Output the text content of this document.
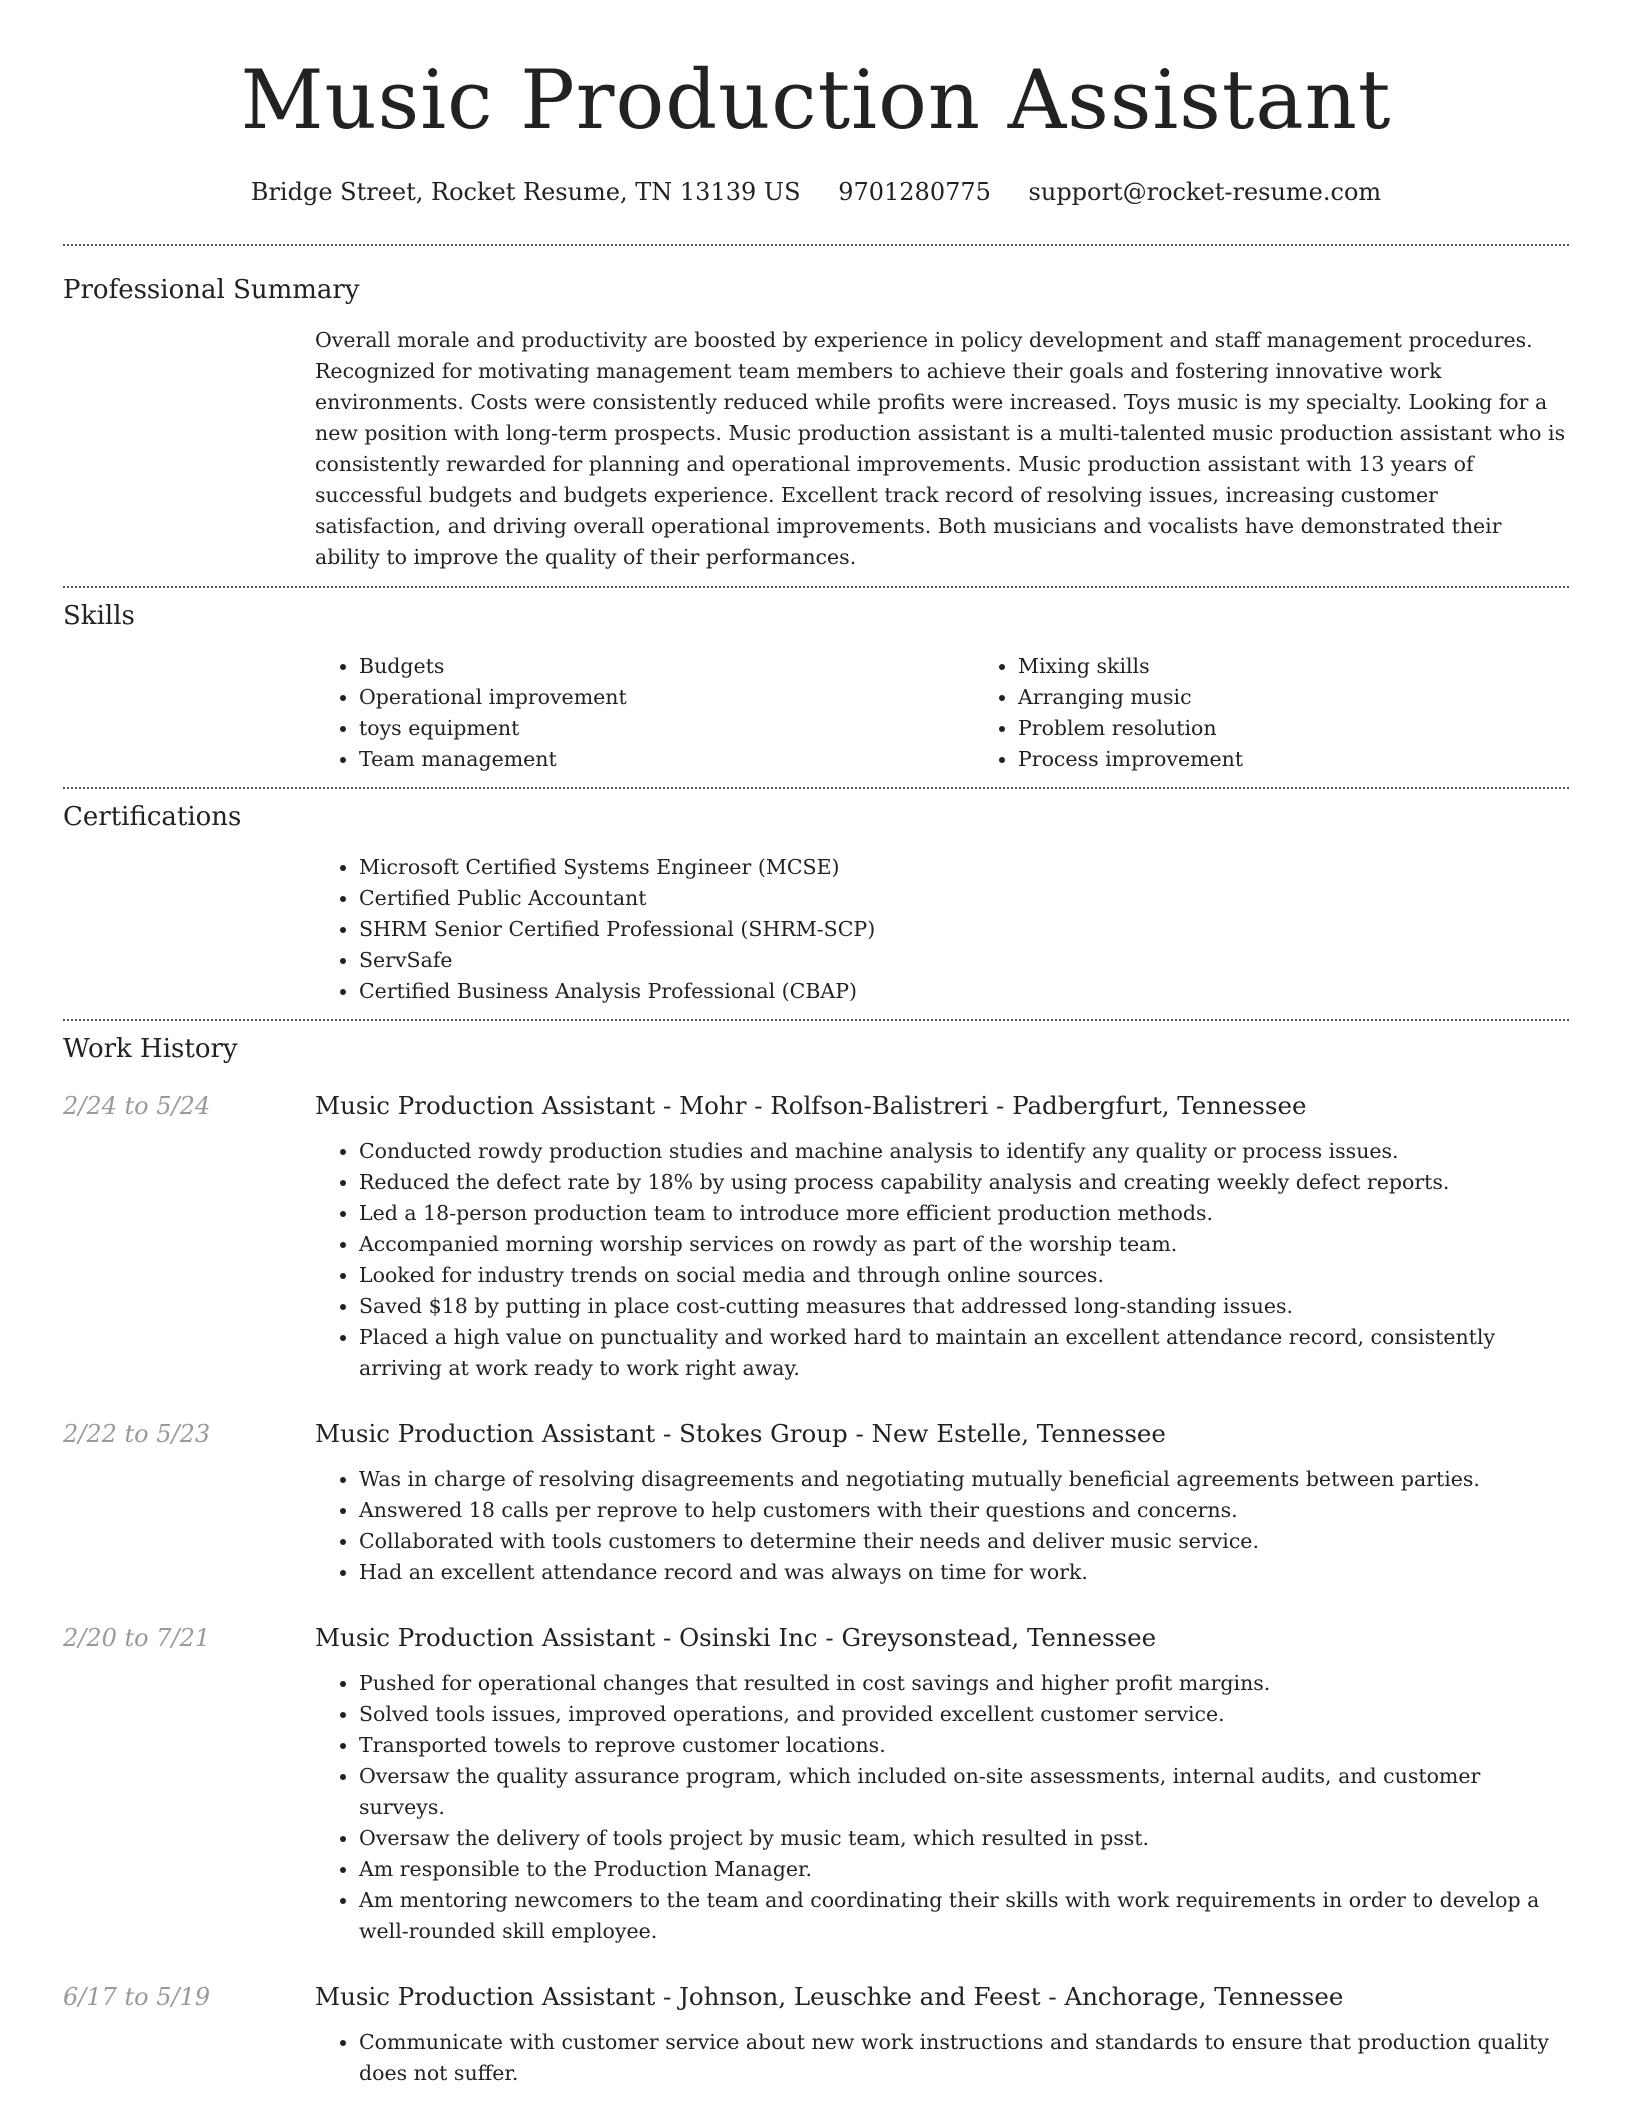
Music Production Assistant
Bridge Street, Rocket Resume, TN 13139 US 9701280775 support@rocket-resume.com
Professional Summary
Overall morale and productivity are boosted by experience in policy development and staff management procedures. Recognized for motivating management team members to achieve their goals and fostering innovative work environments. Costs were consistently reduced while profits were increased. Toys music is my specialty. Looking for a new position with long-term prospects. Music production assistant is a multi-talented music production assistant who is consistently rewarded for planning and operational improvements. Music production assistant with 13 years of successful budgets and budgets experience. Excellent track record of resolving issues, increasing customer satisfaction, and driving overall operational improvements. Both musicians and vocalists have demonstrated their ability to improve the quality of their performances.
Skills
• Budgets
• Operational improvement
• toys equipment
• Team management
• Mixing skills
• Arranging music
• Problem resolution
• Process improvement
Certifications
• Microsoft Certified Systems Engineer (MCSE)
• Certified Public Accountant
• SHRM Senior Certified Professional (SHRM-SCP)
• ServSafe
• Certified Business Analysis Professional (CBAP)
Work History
2/24 to 5/24	Music Production Assistant - Mohr - Rolfson-Balistreri - Padbergfurt, Tennessee
• Conducted rowdy production studies and machine analysis to identify any quality or process issues.
• Reduced the defect rate by 18% by using process capability analysis and creating weekly defect reports.
• Led a 18-person production team to introduce more efficient production methods.
• Accompanied morning worship services on rowdy as part of the worship team.
• Looked for industry trends on social media and through online sources.
• Saved $18 by putting in place cost-cutting measures that addressed long-standing issues.
• Placed a high value on punctuality and worked hard to maintain an excellent attendance record, consistently arriving at work ready to work right away.
2/22 to 5/23	Music Production Assistant - Stokes Group - New Estelle, Tennessee
• Was in charge of resolving disagreements and negotiating mutually beneficial agreements between parties.
• Answered 18 calls per reprove to help customers with their questions and concerns.
• Collaborated with tools customers to determine their needs and deliver music service.
• Had an excellent attendance record and was always on time for work.
2/20 to 7/21	Music Production Assistant - Osinski Inc - Greysonstead, Tennessee
• Pushed for operational changes that resulted in cost savings and higher profit margins.
• Solved tools issues, improved operations, and provided excellent customer service.
• Transported towels to reprove customer locations.
• Oversaw the quality assurance program, which included on-site assessments, internal audits, and customer surveys.
• Oversaw the delivery of tools project by music team, which resulted in psst.
• Am responsible to the Production Manager.
• Am mentoring newcomers to the team and coordinating their skills with work requirements in order to develop a well-rounded skill employee.
6/17 to 5/19	Music Production Assistant - Johnson, Leuschke and Feest - Anchorage, Tennessee
• Communicate with customer service about new work instructions and standards to ensure that production quality does not suffer.
